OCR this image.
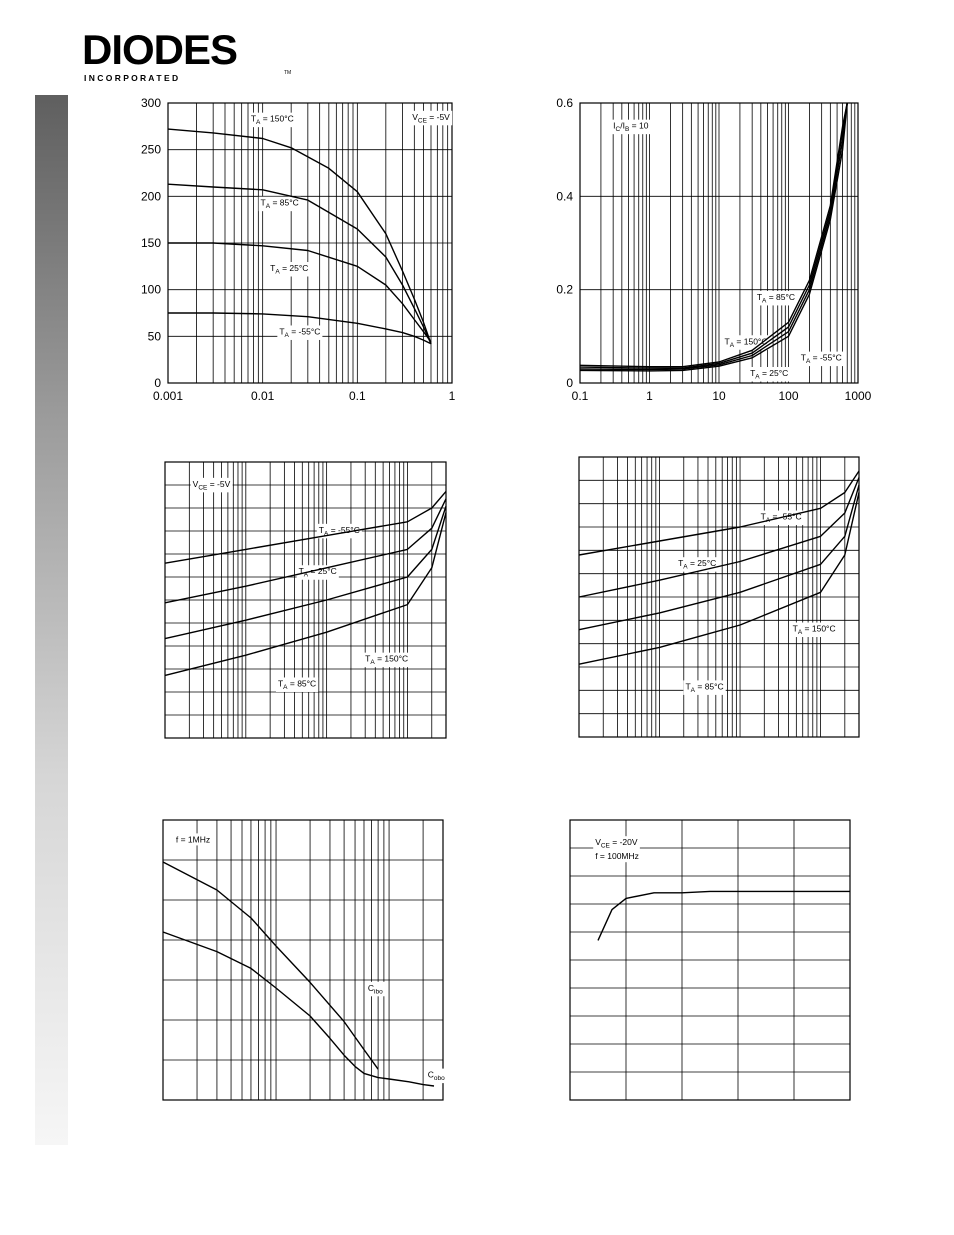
DIODES
I N C O R P O R A T E D	TM
0
50
100
150
200
250
300
0.001	0.01	0.1	1
$T_A = 150^\circ C$	$V_{CE} = -5V$
$T_A = 85^\circ C$
$T_A = 25^\circ C$
$T_A = -55^\circ C$
0
0.2
0.4
0.6
0.1	1	10	100	1000
$I_C/I_B = 10$
$T_A = 85^\circ C$
$T_A = 150^\circ C$
$T_A = -55^\circ C$
$T_A = 25^\circ C$
$V_{CE} = -5V$
$T_A = -55^\circ C$
$T_A = 25^\circ C$
$T_A = 150^\circ C$
$T_A = 85^\circ C$
$T_A = -55^\circ C$
$T_A = 25^\circ C$
$T_A = 150^\circ C$
$T_A = 85^\circ C$
f = 1MHz
$C_{ibo}$
$C_{obo}$
$V_{CE} = -20V$
f = 100MHz
